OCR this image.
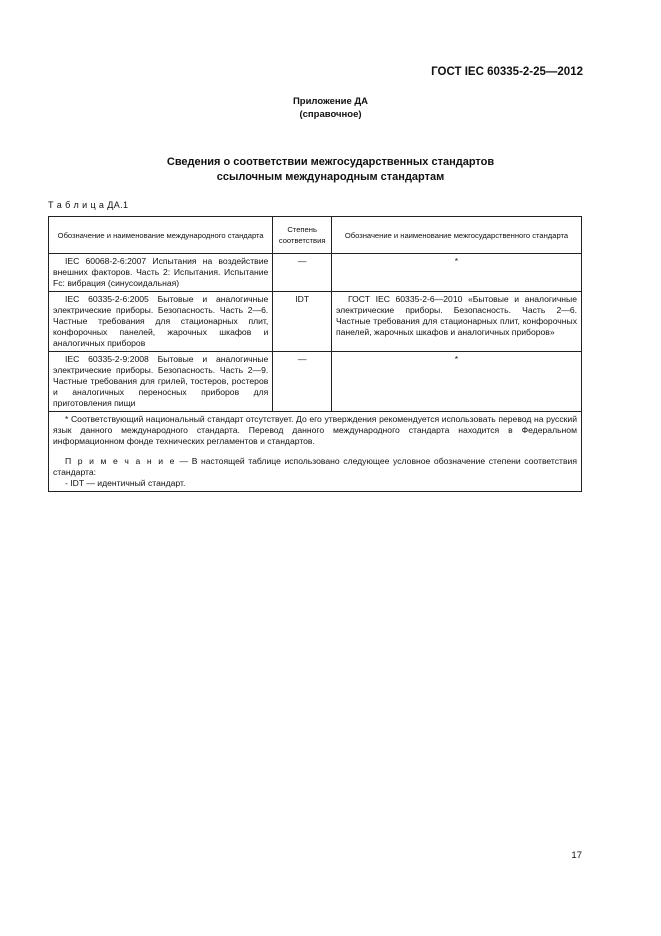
ГОСТ IEC 60335-2-25—2012
Приложение ДА
(справочное)
Сведения о соответствии межгосударственных стандартов
ссылочным международным стандартам
Т а б л и ц а ДА.1
Обозначение и наименование международного стандарта	Степень соответствия	Обозначение и наименование межгосударственного стандарта
IEC 60068-2-6:2007 Испытания на воздействие внешних факторов. Часть 2: Испытания. Испытание Fc: вибрация (синусоидальная)	—	*
IEC 60335-2-6:2005 Бытовые и аналогичные электрические приборы. Безопасность. Часть 2—6. Частные требования для стационарных плит, конфорочных панелей, жарочных шкафов и аналогичных приборов	IDT	ГОСТ IEC 60335-2-6—2010 «Бытовые и аналогичные электрические приборы. Безопасность. Часть 2—6. Частные требования для стационарных плит, конфорочных панелей, жарочных шкафов и аналогичных приборов»
IEC 60335-2-9:2008 Бытовые и аналогичные электрические приборы. Безопасность. Часть 2—9. Частные требования для грилей, тостеров, ростеров и аналогичных переносных приборов для приготовления пищи	—	*

* Соответствующий национальный стандарт отсутствует. До его утверждения рекомендуется использовать перевод на русский язык данного международного стандарта. Перевод данного международного стандарта находится в Федеральном информационном фонде технических регламентов и стандартов.

П р и м е ч а н и е — В настоящей таблице использовано следующее условное обозначение степени соответствия стандарта:

- IDT — идентичный стандарт.		

17
